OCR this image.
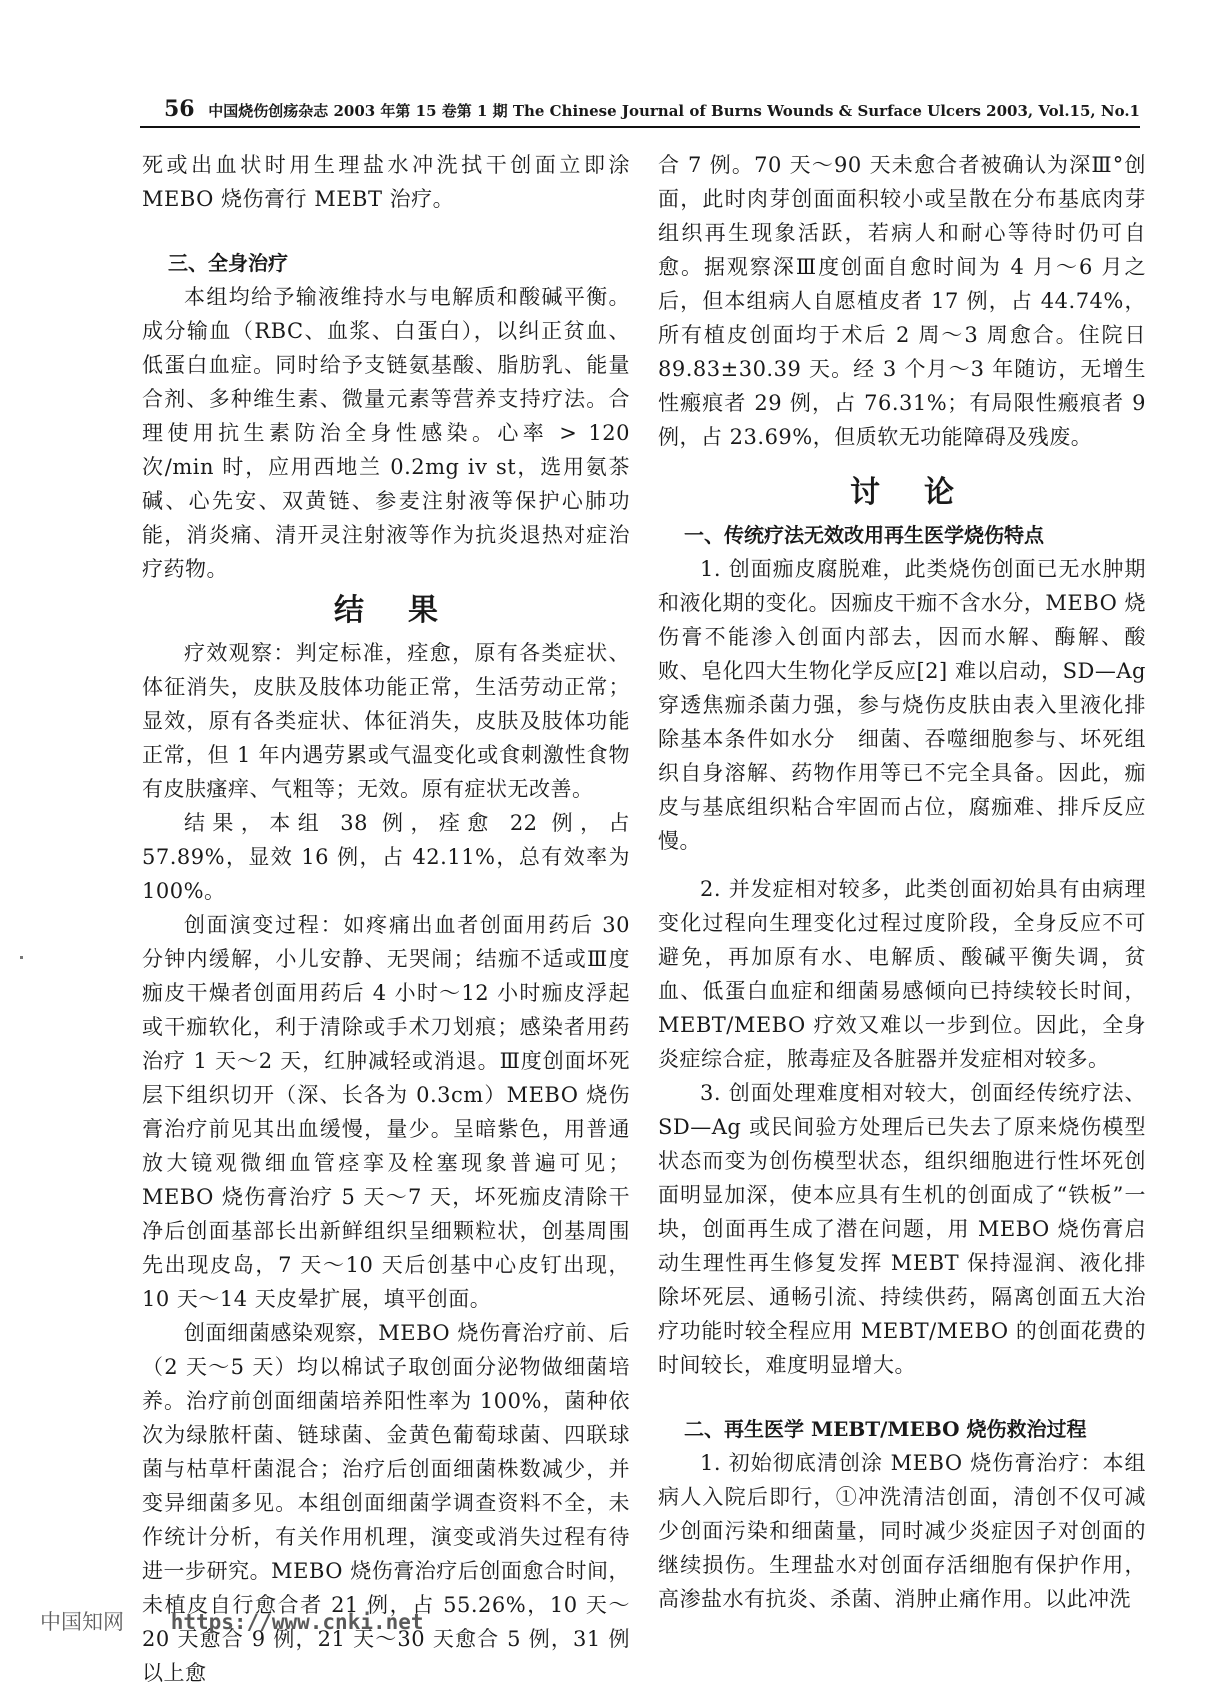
56 中国烧伤创疡杂志 2003 年第 15 卷第 1 期 The Chinese Journal of Burns Wounds & Surface Ulcers 2003, Vol.15, No.1

死或出血状时用生理盐水冲洗拭干创面立即涂 MEBO 烧伤膏行 MEBT 治疗。

三、全身治疗

本组均给予输液维持水与电解质和酸碱平衡。成分输血（RBC、血浆、白蛋白），以纠正贫血、低蛋白血症。同时给予支链氨基酸、脂肪乳、能量合剂、多种维生素、微量元素等营养支持疗法。合理使用抗生素防治全身性感染。心率 > 120 次/min 时，应用西地兰 0.2mg iv st，选用氨茶碱、心先安、双黄链、参麦注射液等保护心肺功能，消炎痛、清开灵注射液等作为抗炎退热对症治疗药物。

结果

疗效观察：判定标准，痊愈，原有各类症状、体征消失，皮肤及肢体功能正常，生活劳动正常；显效，原有各类症状、体征消失，皮肤及肢体功能正常，但 1 年内遇劳累或气温变化或食刺激性食物有皮肤瘙痒、气粗等；无效。原有症状无改善。

结果，本组 38 例，痊愈 22 例，占 57.89%，显效 16 例，占 42.11%，总有效率为 100%。

创面演变过程：如疼痛出血者创面用药后 30 分钟内缓解，小儿安静、无哭闹；结痂不适或Ⅲ度痂皮干燥者创面用药后 4 小时～12 小时痂皮浮起或干痂软化，利于清除或手术刀划痕；感染者用药治疗 1 天～2 天，红肿减轻或消退。Ⅲ度创面坏死层下组织切开（深、长各为 0.3cm）MEBO 烧伤膏治疗前见其出血缓慢，量少。呈暗紫色，用普通放大镜观微细血管痉挛及栓塞现象普遍可见；MEBO 烧伤膏治疗 5 天～7 天，坏死痂皮清除干净后创面基部长出新鲜组织呈细颗粒状，创基周围先出现皮岛，7 天～10 天后创基中心皮钉出现，10 天～14 天皮晕扩展，填平创面。

创面细菌感染观察，MEBO 烧伤膏治疗前、后（2 天～5 天）均以棉试子取创面分泌物做细菌培养。治疗前创面细菌培养阳性率为 100%，菌种依次为绿脓杆菌、链球菌、金黄色葡萄球菌、四联球菌与枯草杆菌混合；治疗后创面细菌株数减少，并变异细菌多见。本组创面细菌学调查资料不全，未作统计分析，有关作用机理，演变或消失过程有待进一步研究。MEBO 烧伤膏治疗后创面愈合时间，未植皮自行愈合者 21 例，占 55.26%，10 天～20 天愈合 9 例，21 天～30 天愈合 5 例，31 例以上愈

合 7 例。70 天～90 天未愈合者被确认为深Ⅲ°创面，此时肉芽创面面积较小或呈散在分布基底肉芽组织再生现象活跃，若病人和耐心等待时仍可自愈。据观察深Ⅲ度创面自愈时间为 4 月～6 月之后，但本组病人自愿植皮者 17 例，占 44.74%，所有植皮创面均于术后 2 周～3 周愈合。住院日 89.83±30.39 天。经 3 个月～3 年随访，无增生性瘢痕者 29 例，占 76.31%；有局限性瘢痕者 9 例，占 23.69%，但质软无功能障碍及残废。

讨论

一、传统疗法无效改用再生医学烧伤特点

1. 创面痂皮腐脱难，此类烧伤创面已无水肿期和液化期的变化。因痂皮干痂不含水分，MEBO 烧伤膏不能渗入创面内部去，因而水解、酶解、酸败、皂化四大生物化学反应[2] 难以启动，SD—Ag 穿透焦痂杀菌力强，参与烧伤皮肤由表入里液化排除基本条件如水分　细菌、吞噬细胞参与、坏死组织自身溶解、药物作用等已不完全具备。因此，痂皮与基底组织粘合牢固而占位，腐痂难、排斥反应慢。

2. 并发症相对较多，此类创面初始具有由病理变化过程向生理变化过程过度阶段，全身反应不可避免，再加原有水、电解质、酸碱平衡失调，贫血、低蛋白血症和细菌易感倾向已持续较长时间，MEBT/MEBO 疗效又难以一步到位。因此，全身炎症综合症，脓毒症及各脏器并发症相对较多。

3. 创面处理难度相对较大，创面经传统疗法、SD—Ag 或民间验方处理后已失去了原来烧伤模型状态而变为创伤模型状态，组织细胞进行性坏死创面明显加深，使本应具有生机的创面成了“铁板”一块，创面再生成了潜在问题，用 MEBO 烧伤膏启动生理性再生修复发挥 MEBT 保持湿润、液化排除坏死层、通畅引流、持续供药，隔离创面五大治疗功能时较全程应用 MEBT/MEBO 的创面花费的时间较长，难度明显增大。

二、再生医学 MEBT/MEBO 烧伤救治过程

1. 初始彻底清创涂 MEBO 烧伤膏治疗：本组病人入院后即行，①冲洗清洁创面，清创不仅可减少创面污染和细菌量，同时减少炎症因子对创面的继续损伤。生理盐水对创面存活细胞有保护作用，高渗盐水有抗炎、杀菌、消肿止痛作用。以此冲洗

中国知网 https://www.cnki.net
